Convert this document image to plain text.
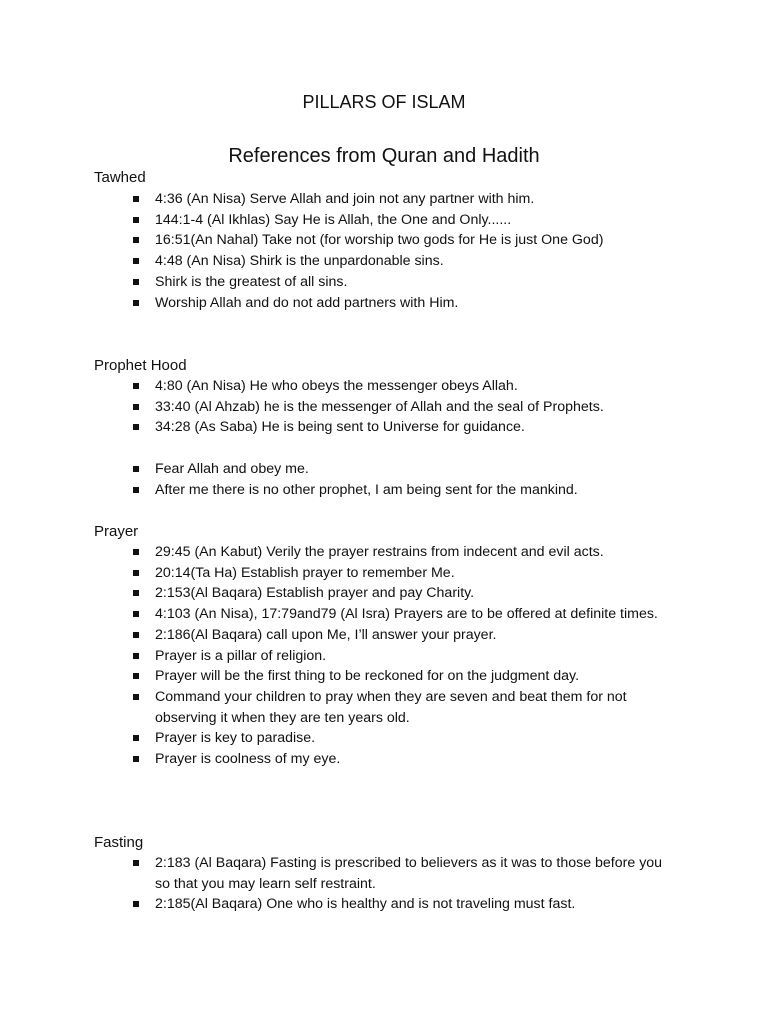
PILLARS OF ISLAM
References from Quran and Hadith
Tawhed
4:36 (An Nisa) Serve Allah and join not any partner with him.
144:1-4 (Al Ikhlas) Say He is Allah, the One and Only......
16:51(An Nahal) Take not (for worship two gods for He is just One God)
4:48 (An Nisa) Shirk is the unpardonable sins.
Shirk is the greatest of all sins.
Worship Allah and do not add partners with Him.
Prophet Hood
4:80 (An Nisa) He who obeys the messenger obeys Allah.
33:40 (Al Ahzab) he is the messenger of Allah and the seal of Prophets.
34:28 (As Saba) He is being sent to Universe for guidance.
Fear Allah and obey me.
After me there is no other prophet, I am being sent for the mankind.
Prayer
29:45 (An Kabut) Verily the prayer restrains from indecent and evil acts.
20:14(Ta Ha) Establish prayer to remember Me.
2:153(Al Baqara) Establish prayer and pay Charity.
4:103 (An Nisa), 17:79and79 (Al Isra) Prayers are to be offered at definite times.
2:186(Al Baqara) call upon Me, I’ll answer your prayer.
Prayer is a pillar of religion.
Prayer will be the first thing to be reckoned for on the judgment day.
Command your children to pray when they are seven and beat them for not observing it when they are ten years old.
Prayer is key to paradise.
Prayer is coolness of my eye.
Fasting
2:183 (Al Baqara) Fasting is prescribed to believers as it was to those before you so that you may learn self restraint.
2:185(Al Baqara) One who is healthy and is not traveling must fast.
